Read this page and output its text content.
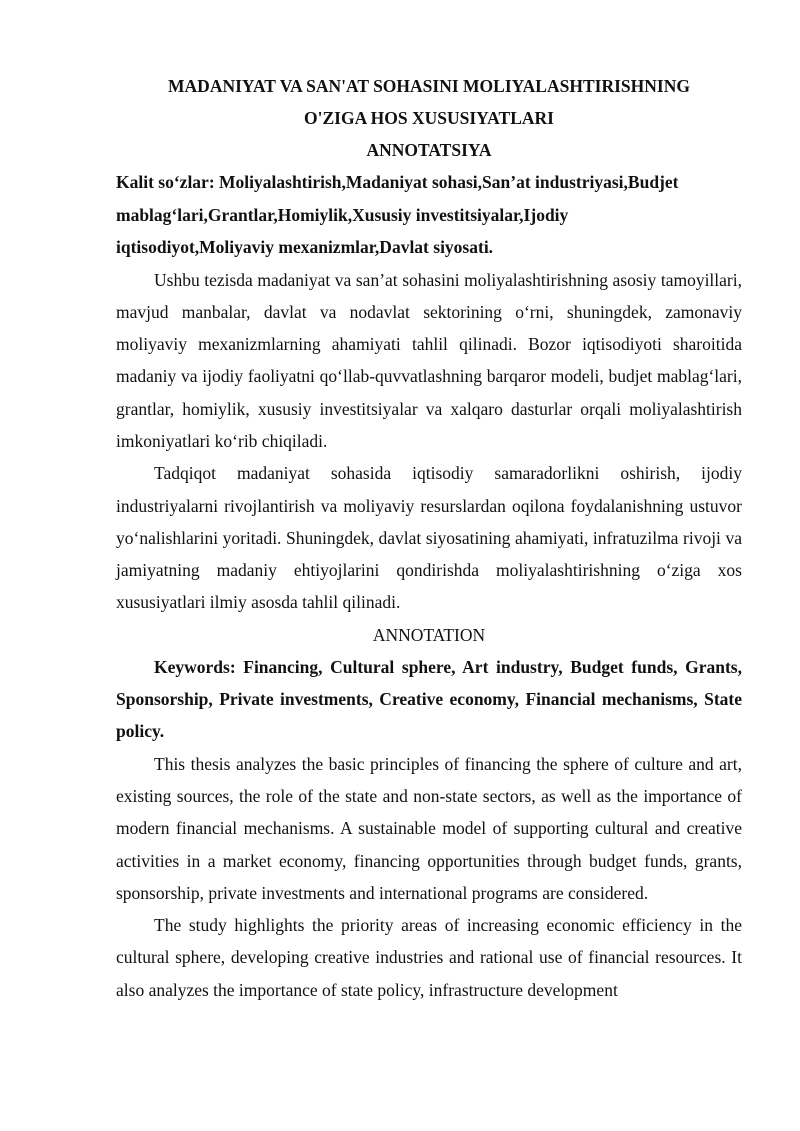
MADANIYAT VA SAN'AT SOHASINI MOLIYALASHTIRISHNING
O'ZIGA HOS XUSUSIYATLARI
ANNOTATSIYA
Kalit so‘zlar: Moliyalashtirish,Madaniyat sohasi,San’at industriyasi,Budjet
mablag‘lari,Grantlar,Homiylik,Xususiy investitsiyalar,Ijodiy
iqtisodiyot,Moliyaviy mexanizmlar,Davlat siyosati.

Ushbu tezisda madaniyat va san’at sohasini moliyalashtirishning asosiy tamoyillari, mavjud manbalar, davlat va nodavlat sektorining o‘rni, shuningdek, zamonaviy moliyaviy mexanizmlarning ahamiyati tahlil qilinadi. Bozor iqtisodiyoti sharoitida madaniy va ijodiy faoliyatni qo‘llab-quvvatlashning barqaror modeli, budjet mablag‘lari, grantlar, homiylik, xususiy investitsiyalar va xalqaro dasturlar orqali moliyalashtirish imkoniyatlari ko‘rib chiqiladi.

Tadqiqot madaniyat sohasida iqtisodiy samaradorlikni oshirish, ijodiy industriyalarni rivojlantirish va moliyaviy resurslardan oqilona foydalanishning ustuvor yo‘nalishlarini yoritadi. Shuningdek, davlat siyosatining ahamiyati, infratuzilma rivoji va jamiyatning madaniy ehtiyojlarini qondirishda moliyalashtirishning o‘ziga xos xususiyatlari ilmiy asosda tahlil qilinadi.

ANNOTATION

Keywords: Financing, Cultural sphere, Art industry, Budget funds, Grants, Sponsorship, Private investments, Creative economy, Financial mechanisms, State policy.

This thesis analyzes the basic principles of financing the sphere of culture and art, existing sources, the role of the state and non-state sectors, as well as the importance of modern financial mechanisms. A sustainable model of supporting cultural and creative activities in a market economy, financing opportunities through budget funds, grants, sponsorship, private investments and international programs are considered.

The study highlights the priority areas of increasing economic efficiency in the cultural sphere, developing creative industries and rational use of financial resources. It also analyzes the importance of state policy, infrastructure development
